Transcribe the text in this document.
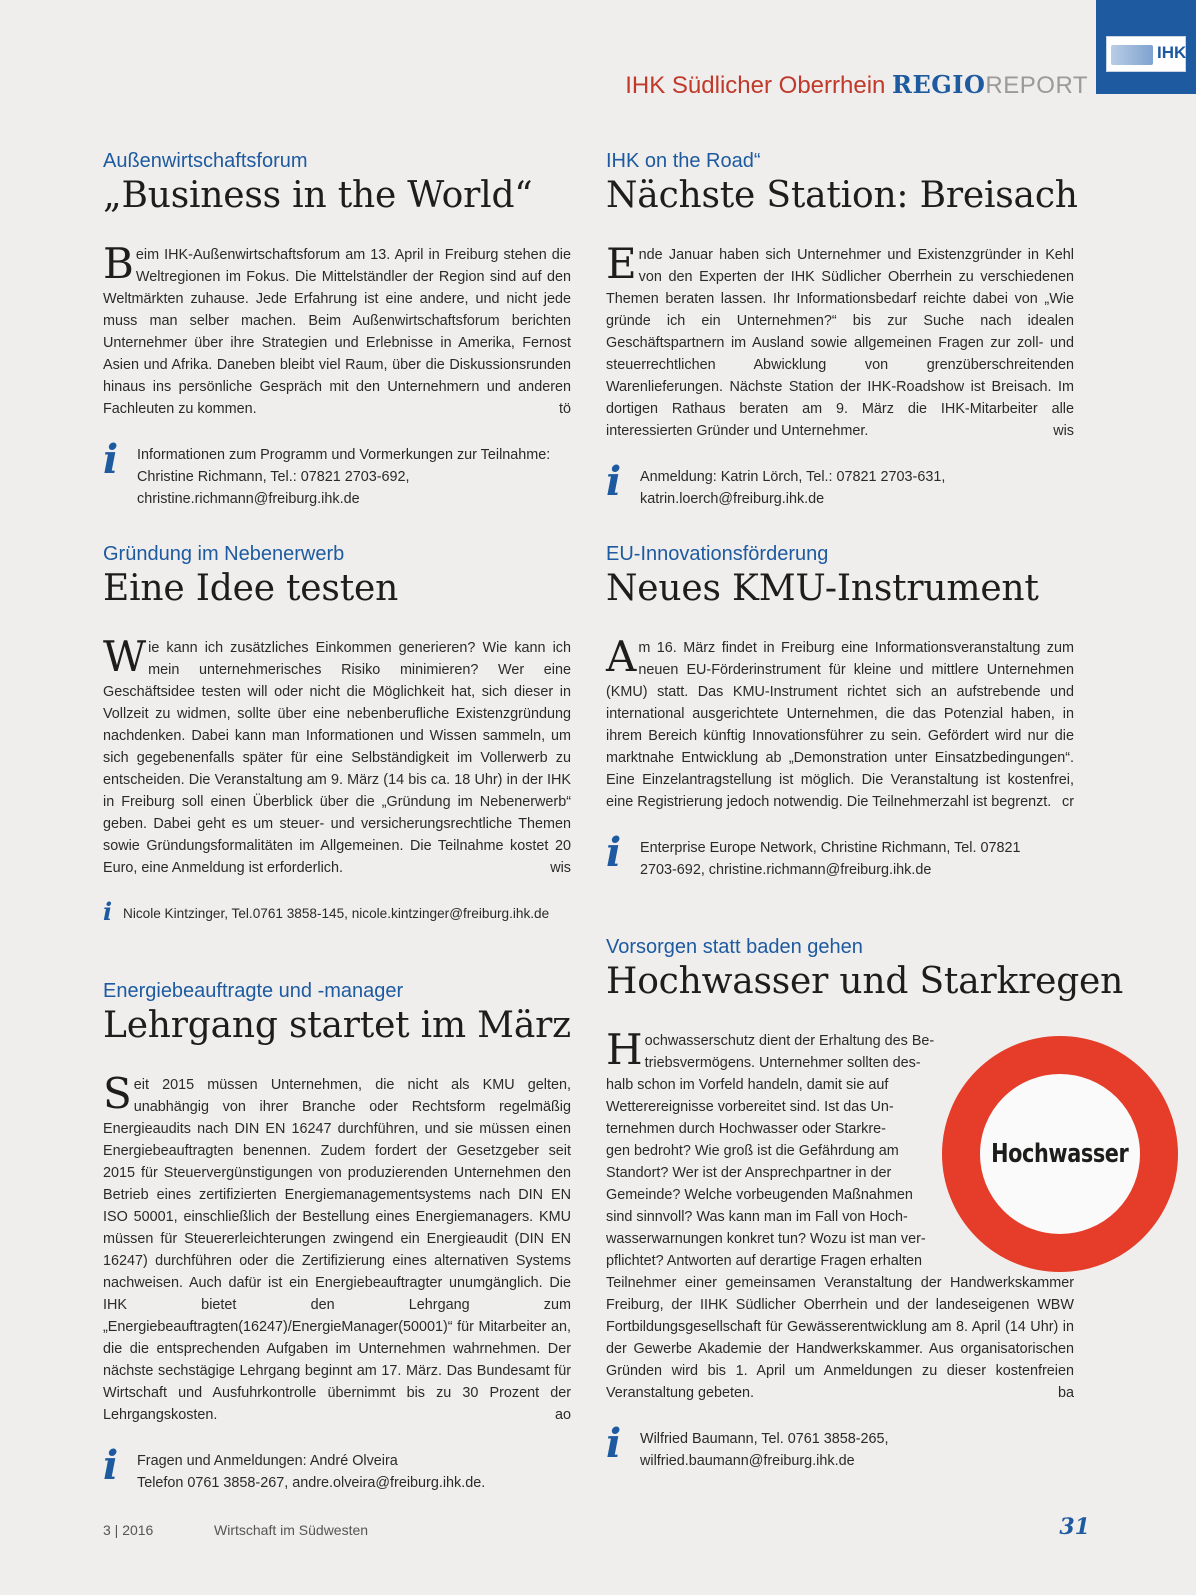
IHK
IHK Südlicher Oberrhein REGIOREPORT

Außenwirtschaftsforum

„Business in the World“

Beim IHK-Außenwirtschaftsforum am 13. April in Freiburg stehen die Weltregionen im Fokus. Die Mittelständler der Region sind auf den Weltmärkten zuhause. Jede Erfahrung ist eine andere, und nicht jede muss man selber machen. Beim Außenwirtschaftsforum berichten Unternehmer über ihre Strategien und Erlebnisse in Amerika, Fernost Asien und Afrika. Daneben bleibt viel Raum, über die Diskussionsrunden hinaus ins persönliche Gespräch mit den Unternehmern und anderen Fachleuten zu kommen.	tö

i Informationen zum Programm und Vormerkungen zur Teilnahme:
Christine Richmann, Tel.: 07821 2703-692,
christine.richmann@freiburg.ihk.de

IHK on the Road“

Nächste Station: Breisach

Ende Januar haben sich Unternehmer und Existenzgründer in Kehl von den Experten der IHK Südlicher Oberrhein zu verschiedenen Themen beraten lassen. Ihr Informationsbedarf reichte dabei von „Wie gründe ich ein Unternehmen?“ bis zur Suche nach idealen Geschäftspartnern im Ausland sowie allgemeinen Fragen zur zoll- und steuerrechtlichen Abwicklung von grenzüberschreitenden Warenlieferungen. Nächste Station der IHK-Roadshow ist Breisach. Im dortigen Rathaus beraten am 9. März die IHK-Mitarbeiter alle interessierten Gründer und Unternehmer.	wis

i Anmeldung: Katrin Lörch, Tel.: 07821 2703-631,
katrin.loerch@freiburg.ihk.de

Gründung im Nebenerwerb

Eine Idee testen

Wie kann ich zusätzliches Einkommen generieren? Wie kann ich mein unternehmerisches Risiko minimieren? Wer eine Geschäftsidee testen will oder nicht die Möglichkeit hat, sich dieser in Vollzeit zu widmen, sollte über eine nebenberufliche Existenzgründung nachdenken. Dabei kann man Informationen und Wissen sammeln, um sich gegebenenfalls später für eine Selbständigkeit im Vollerwerb zu entscheiden. Die Veranstaltung am 9. März (14 bis ca. 18 Uhr) in der IHK in Freiburg soll einen Überblick über die „Gründung im Nebenerwerb“ geben. Dabei geht es um steuer- und versicherungsrechtliche Themen sowie Gründungsformalitäten im Allgemeinen. Die Teilnahme kostet 20 Euro, eine Anmeldung ist erforderlich.	wis

i Nicole Kintzinger, Tel.0761 3858-145, nicole.kintzinger@freiburg.ihk.de

EU-Innovationsförderung

Neues KMU-Instrument

Am 16. März findet in Freiburg eine Informationsveranstaltung zum neuen EU-Förderinstrument für kleine und mittlere Unternehmen (KMU) statt. Das KMU-Instrument richtet sich an aufstrebende und international ausgerichtete Unternehmen, die das Potenzial haben, in ihrem Bereich künftig Innovationsführer zu sein. Gefördert wird nur die marktnahe Entwicklung ab „Demonstration unter Einsatzbedingungen“. Eine Einzelantragstellung ist möglich. Die Veranstaltung ist kostenfrei, eine Registrierung jedoch notwendig. Die Teilnehmerzahl ist begrenzt. cr

i Enterprise Europe Network, Christine Richmann, Tel. 07821
2703-692, christine.richmann@freiburg.ihk.de

Energiebeauftragte und -manager

Lehrgang startet im März

Seit 2015 müssen Unternehmen, die nicht als KMU gelten, unabhängig von ihrer Branche oder Rechtsform regelmäßig Energieaudits nach DIN EN 16247 durchführen, und sie müssen einen Energiebeauftragten benennen. Zudem fordert der Gesetzgeber seit 2015 für Steuervergünstigungen von produzierenden Unternehmen den Betrieb eines zertifizierten Energiemanagementsystems nach DIN EN ISO 50001, einschließlich der Bestellung eines Energiemanagers. KMU müssen für Steuererleichterungen zwingend ein Energieaudit (DIN EN 16247) durchführen oder die Zertifizierung eines alternativen Systems nachweisen. Auch dafür ist ein Energiebeauftragter unumgänglich. Die IHK bietet den Lehrgang zum „Energiebeauftragten(16247)/EnergieManager(50001)“ für Mitarbeiter an, die die entsprechenden Aufgaben im Unternehmen wahrnehmen. Der nächste sechstägige Lehrgang beginnt am 17. März. Das Bundesamt für Wirtschaft und Ausfuhrkontrolle übernimmt bis zu 30 Prozent der Lehrgangskosten.	ao

i Fragen und Anmeldungen: André Olveira
Telefon 0761 3858-267, andre.olveira@freiburg.ihk.de.

Vorsorgen statt baden gehen

Hochwasser und Starkregen
H ochwasserschutz dient der Erhaltung des Be-
triebsvermögens. Unternehmer sollten des-
halb schon im Vorfeld handeln, damit sie auf
Wetterereignisse vorbereitet sind. Ist das Un-
ternehmen durch Hochwasser oder Starkre-
gen bedroht? Wie groß ist die Gefährdung am
Standort? Wer ist der Ansprechpartner in der
Gemeinde? Welche vorbeugenden Maßnahmen
sind sinnvoll? Was kann man im Fall von Hoch-
wasserwarnungen konkret tun? Wozu ist man ver-
pflichtet? Antworten auf derartige Fragen erhalten

Teilnehmer einer gemeinsamen Veranstaltung der Handwerkskammer Freiburg, der IIHK Südlicher Oberrhein und der landeseigenen WBW Fortbildungsgesellschaft für Gewässerentwicklung am 8. April (14 Uhr) in der Gewerbe Akademie der Handwerkskammer. Aus organisatorischen Gründen wird bis 1. April um Anmeldungen zu dieser kostenfreien Veranstaltung gebeten.	ba

i Wilfried Baumann, Tel. 0761 3858-265,
wilfried.baumann@freiburg.ihk.de
Hochwasser
3 | 2016	Wirtschaft im Südwesten	31
